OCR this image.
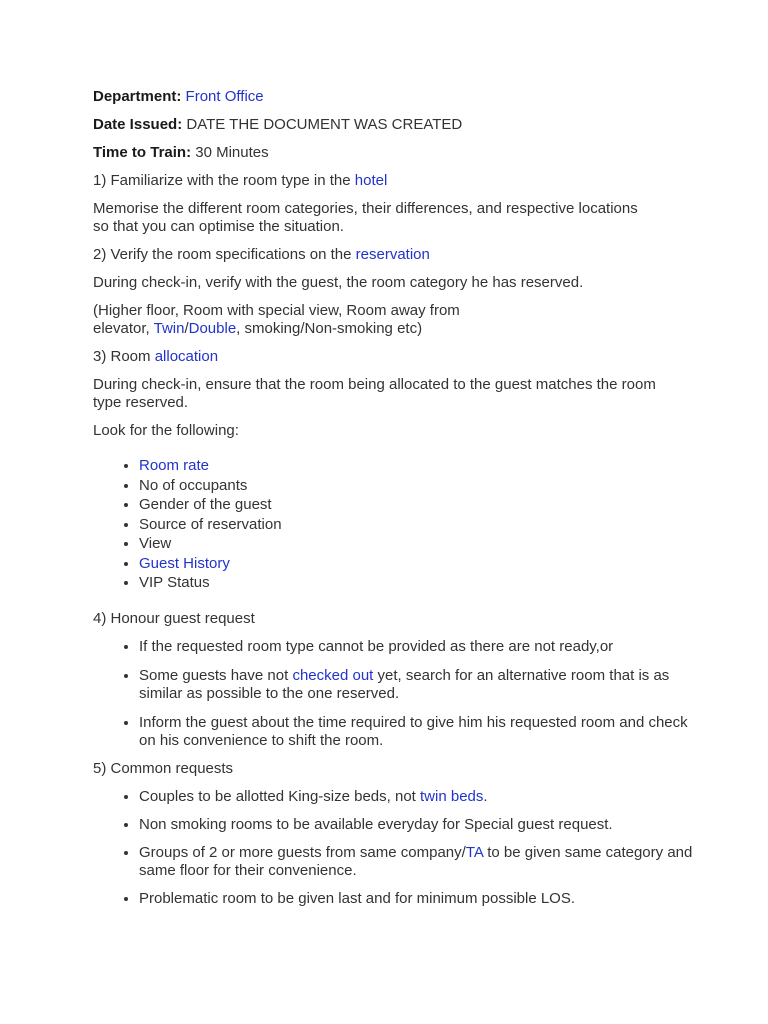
Department: Front Office

Date Issued: DATE THE DOCUMENT WAS CREATED

Time to Train: 30 Minutes

1) Familiarize with the room type in the hotel

Memorise the different room categories, their differences, and respective locations so that you can optimise the situation.

2) Verify the room specifications on the reservation

During check-in, verify with the guest, the room category he has reserved.

(Higher floor, Room with special view, Room away from
elevator, Twin/Double, smoking/Non-smoking etc)

3) Room allocation

During check-in, ensure that the room being allocated to the guest matches the room type reserved.

Look for the following:

• Room rate
• No of occupants
• Gender of the guest
• Source of reservation
• View
• Guest History
• VIP Status

4) Honour guest request

• If the requested room type cannot be provided as there are not ready,or
• Some guests have not checked out yet, search for an alternative room that is as similar as possible to the one reserved.
• Inform the guest about the time required to give him his requested room and check on his convenience to shift the room.

5) Common requests

• Couples to be allotted King-size beds, not twin beds.
• Non smoking rooms to be available everyday for Special guest request.
• Groups of 2 or more guests from same company/TA to be given same category and same floor for their convenience.
• Problematic room to be given last and for minimum possible LOS.
